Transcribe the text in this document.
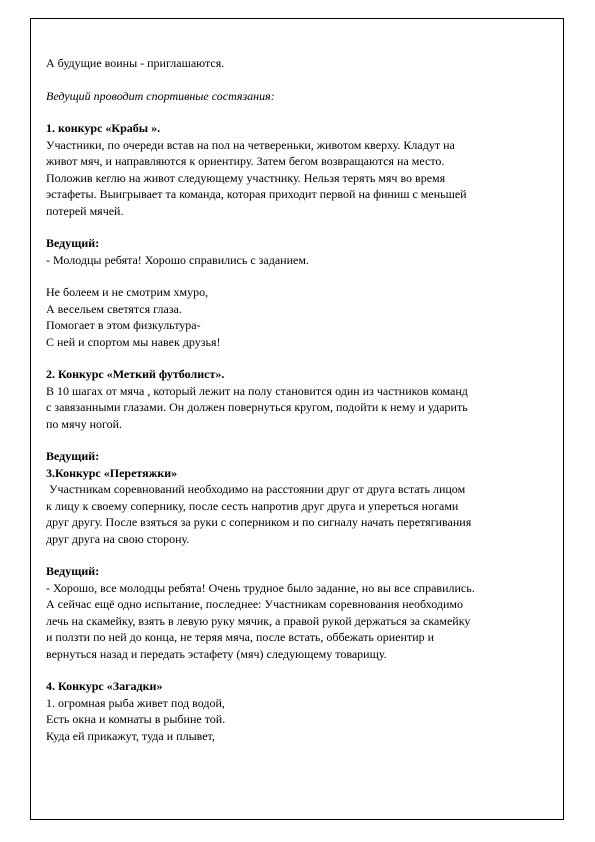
А будущие воины - приглашаются.

Ведущий проводит спортивные состязания:

1. конкурс «Крабы ».

Участники, по очереди встав на пол на четвереньки, животом кверху. Кладут на

живот мяч, и направляются к ориентиру. Затем бегом возвращаются на место.

Положив кеглю на живот следующему участнику. Нельзя терять мяч во время

эстафеты. Выигрывает та команда, которая приходит первой на финиш с меньшей

потерей мячей.

Ведущий:

- Молодцы ребята! Хорошо справились с заданием.

Не болеем и не смотрим хмуро,

А весельем светятся глаза.

Помогает в этом физкультура-

С ней и спортом мы навек друзья!

2. Конкурс «Меткий футболист».

В 10 шагах от мяча , который лежит на полу становится один из частников команд

с завязанными глазами. Он должен повернуться кругом, подойти к нему и ударить

по мячу ногой.

Ведущий:

3.Конкурс «Перетяжки»

Участникам соревнований необходимо на расстоянии друг от друга встать лицом

к лицу к своему сопернику, после сесть напротив друг друга и упереться ногами

друг другу. После взяться за руки с соперником и по сигналу начать перетягивания

друг друга на свою сторону.

Ведущий:

- Хорошо, все молодцы ребята! Очень трудное было задание, но вы все справились.

А сейчас ещё одно испытание, последнее: Участникам соревнования необходимо

лечь на скамейку, взять в левую руку мячик, а правой рукой держаться за скамейку

и ползти по ней до конца, не теряя мяча, после встать, оббежать ориентир и

вернуться назад и передать эстафету (мяч) следующему товарищу.

4. Конкурс «Загадки»

1. огромная рыба живет под водой,

Есть окна и комнаты в рыбине той.

Куда ей прикажут, туда и плывет,
